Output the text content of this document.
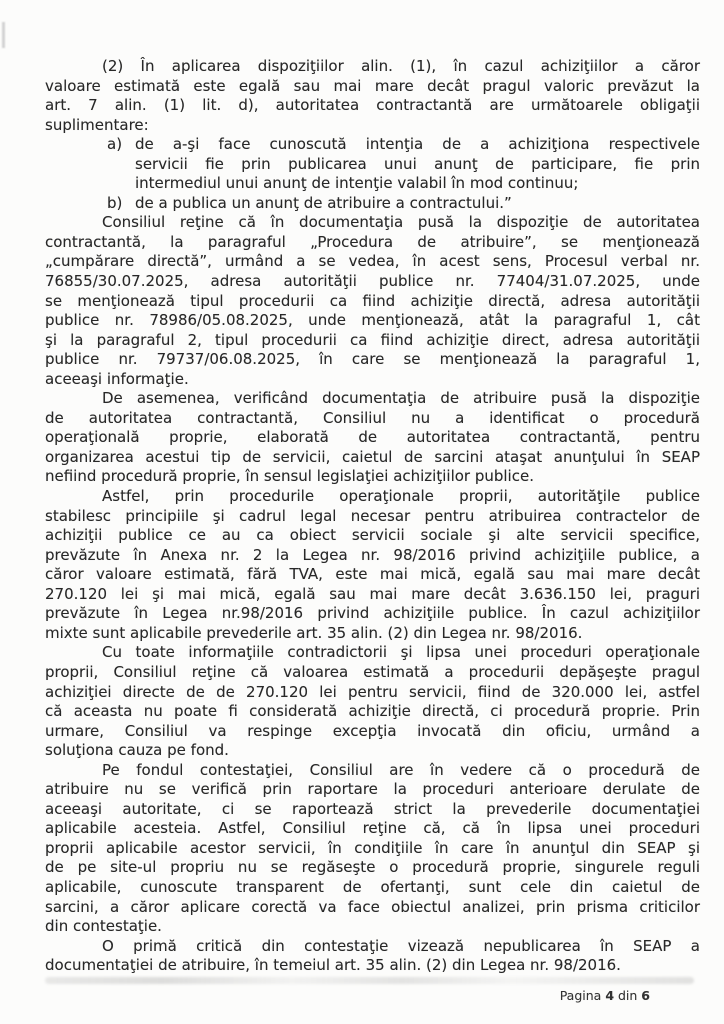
(2) În aplicarea dispoziţiilor alin. (1), în cazul achiziţiilor a căror
valoare estimată este egală sau mai mare decât pragul valoric prevăzut la
art. 7 alin. (1) lit. d), autoritatea contractantă are următoarele obligaţii
suplimentare:
a) de a-şi face cunoscută intenţia de a achiziţiona respectivele
servicii fie prin publicarea unui anunţ de participare, fie prin
intermediul unui anunţ de intenţie valabil în mod continuu;
b) de a publica un anunţ de atribuire a contractului.”
Consiliul reţine că în documentaţia pusă la dispoziţie de autoritatea
contractantă, la paragraful „Procedura de atribuire”, se menţionează
„cumpărare directă”, urmând a se vedea, în acest sens, Procesul verbal nr.
76855/30.07.2025, adresa autorităţii publice nr. 77404/31.07.2025, unde
se menţionează tipul procedurii ca fiind achiziţie directă, adresa autorităţii
publice nr. 78986/05.08.2025, unde menţionează, atât la paragraful 1, cât
şi la paragraful 2, tipul procedurii ca fiind achiziţie direct, adresa autorităţii
publice nr. 79737/06.08.2025, în care se menţionează la paragraful 1,
aceeaşi informaţie.
De asemenea, verificând documentaţia de atribuire pusă la dispoziţie
de autoritatea contractantă, Consiliul nu a identificat o procedură
operaţională proprie, elaborată de autoritatea contractantă, pentru
organizarea acestui tip de servicii, caietul de sarcini ataşat anunţului în SEAP
nefiind procedură proprie, în sensul legislaţiei achiziţiilor publice.
Astfel, prin procedurile operaţionale proprii, autorităţile publice
stabilesc principiile şi cadrul legal necesar pentru atribuirea contractelor de
achiziţii publice ce au ca obiect servicii sociale şi alte servicii specifice,
prevăzute în Anexa nr. 2 la Legea nr. 98/2016 privind achiziţiile publice, a
căror valoare estimată, fără TVA, este mai mică, egală sau mai mare decât
270.120 lei şi mai mică, egală sau mai mare decât 3.636.150 lei, praguri
prevăzute în Legea nr.98/2016 privind achiziţiile publice. În cazul achiziţiilor
mixte sunt aplicabile prevederile art. 35 alin. (2) din Legea nr. 98/2016.
Cu toate informaţiile contradictorii şi lipsa unei proceduri operaţionale
proprii, Consiliul reţine că valoarea estimată a procedurii depăşeşte pragul
achiziţiei directe de de 270.120 lei pentru servicii, fiind de 320.000 lei, astfel
că aceasta nu poate fi considerată achiziţie directă, ci procedură proprie. Prin
urmare, Consiliul va respinge excepţia invocată din oficiu, urmând a
soluţiona cauza pe fond.
Pe fondul contestaţiei, Consiliul are în vedere că o procedură de
atribuire nu se verifică prin raportare la proceduri anterioare derulate de
aceeaşi autoritate, ci se raportează strict la prevederile documentaţiei
aplicabile acesteia. Astfel, Consiliul reţine că, că în lipsa unei proceduri
proprii aplicabile acestor servicii, în condiţiile în care în anunţul din SEAP şi
de pe site-ul propriu nu se regăseşte o procedură proprie, singurele reguli
aplicabile, cunoscute transparent de ofertanţi, sunt cele din caietul de
sarcini, a căror aplicare corectă va face obiectul analizei, prin prisma criticilor
din contestaţie.
O primă critică din contestaţie vizează nepublicarea în SEAP a
documentaţiei de atribuire, în temeiul art. 35 alin. (2) din Legea nr. 98/2016.
Pagina 4 din 6
